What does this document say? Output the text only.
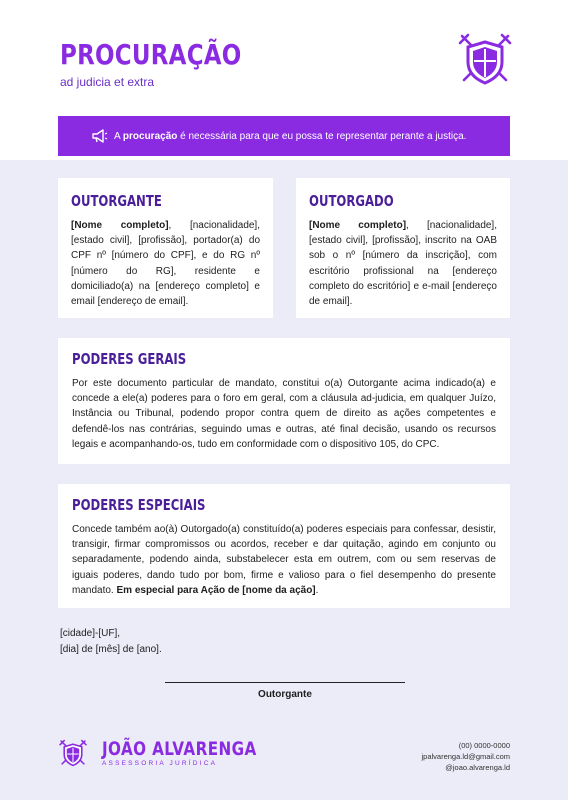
PROCURAÇÃO
ad judicia et extra
A procuração é necessária para que eu possa te representar perante a justiça.
OUTORGANTE

[Nome completo], [nacionalidade], [estado civil], [profissão], portador(a) do CPF nº [número do CPF], e do RG nº [número do RG], residente e domiciliado(a) na [endereço completo] e email [endereço de email].

OUTORGADO

[Nome completo], [nacionalidade], [estado civil], [profissão], inscrito na OAB sob o nº [número da inscrição], com escritório profissional na [endereço completo do escritório] e e-mail [endereço de email].

PODERES GERAIS

Por este documento particular de mandato, constitui o(a) Outorgante acima indicado(a) e concede a ele(a) poderes para o foro em geral, com a cláusula ad-judicia, em qualquer Juízo, Instância ou Tribunal, podendo propor contra quem de direito as ações competentes e defendê-los nas contrárias, seguindo umas e outras, até final decisão, usando os recursos legais e acompanhando-os, tudo em conformidade com o dispositivo 105, do CPC.

PODERES ESPECIAIS

Concede também ao(à) Outorgado(a) constituído(a) poderes especiais para confessar, desistir, transigir, firmar compromissos ou acordos, receber e dar quitação, agindo em conjunto ou separadamente, podendo ainda, substabelecer esta em outrem, com ou sem reservas de iguais poderes, dando tudo por bom, firme e valioso para o fiel desempenho do presente mandato. Em especial para Ação de [nome da ação].

[cidade]-[UF],
[dia] de [mês] de [ano].
Outorgante
JOÃO ALVARENGA
ASSESSORIA JURÍDICA
(00) 0000-0000
jpalvarenga.ld@gmail.com
@joao.alvarenga.ld
